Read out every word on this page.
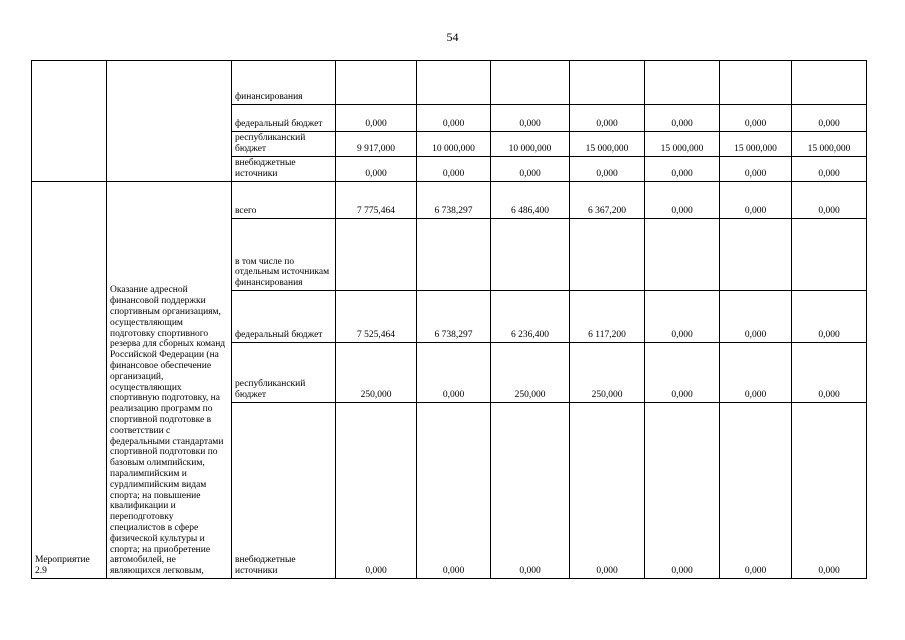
54
		финансирования							
		федеральный бюджет	0,000	0,000	0,000	0,000	0,000	0,000	0,000
		республиканский бюджет	9 917,000	10 000,000	10 000,000	15 000,000	15 000,000	15 000,000	15 000,000
		внебюджетные источники	0,000	0,000	0,000	0,000	0,000	0,000	0,000
Мероприятие 2.9	Оказание адресной финансовой поддержки спортивным организациям, осуществляющим подготовку спортивного резерва для сборных команд Российской Федерации (на финансовое обеспечение организаций, осуществляющих спортивную подготовку, на реализацию программ по спортивной подготовке в соответствии с федеральными стандартами спортивной подготовки по базовым олимпийским, паралимпийским и сурдлимпийским видам спорта; на повышение квалификации и переподготовку специалистов в сфере физической культуры и спорта; на приобретение автомобилей, не являющихся легковым,	всего	7 775,464	6 738,297	6 486,400	6 367,200	0,000	0,000	0,000
		в том числе по отдельным источникам финансирования							
		федеральный бюджет	7 525,464	6 738,297	6 236,400	6 117,200	0,000	0,000	0,000
		республиканский бюджет	250,000	0,000	250,000	250,000	0,000	0,000	0,000
		внебюджетные источники	0,000	0,000	0,000	0,000	0,000	0,000	0,000
